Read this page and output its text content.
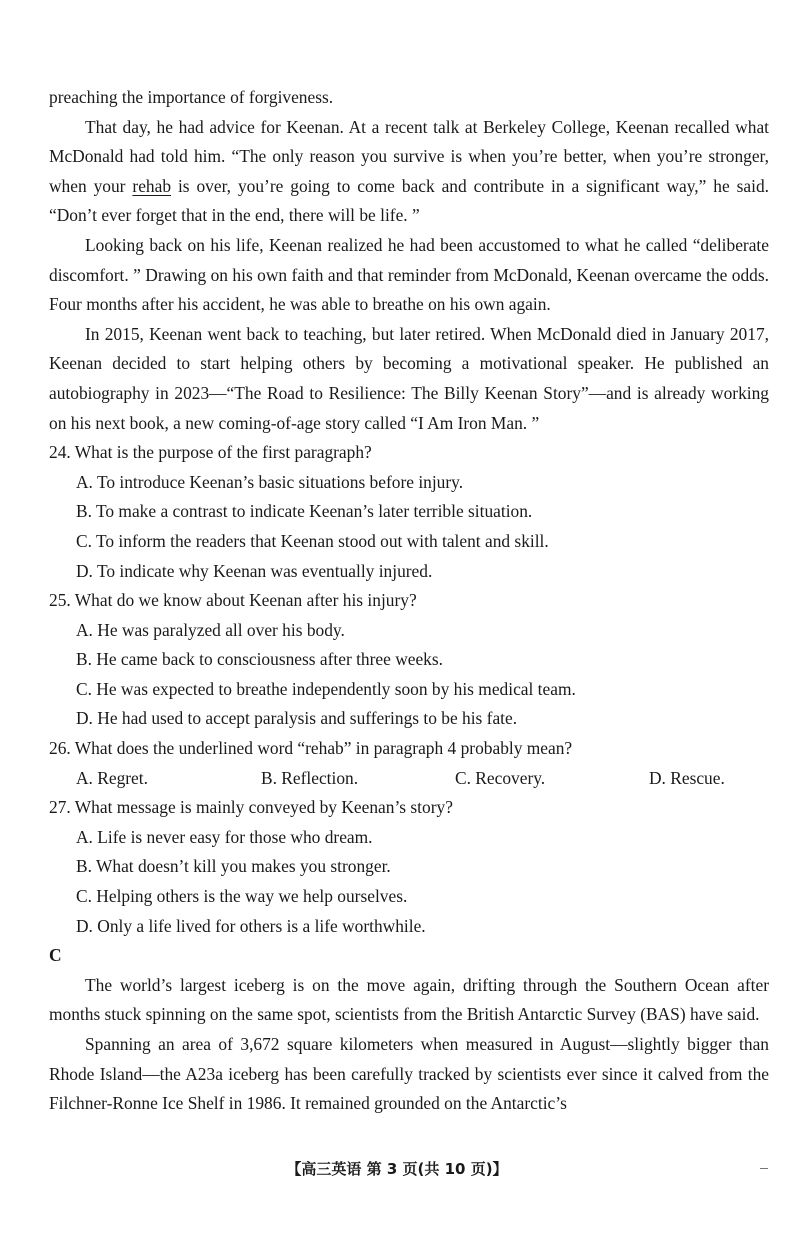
preaching the importance of forgiveness.

That day, he had advice for Keenan. At a recent talk at Berkeley College, Keenan recalled what McDonald had told him. “The only reason you survive is when you’re better, when you’re stronger, when your rehab is over, you’re going to come back and contribute in a significant way,” he said. “Don’t ever forget that in the end, there will be life. ”

Looking back on his life, Keenan realized he had been accustomed to what he called “deliberate discomfort. ” Drawing on his own faith and that reminder from McDonald, Keenan overcame the odds. Four months after his accident, he was able to breathe on his own again.

In 2015, Keenan went back to teaching, but later retired. When McDonald died in January 2017, Keenan decided to start helping others by becoming a motivational speaker. He published an autobiography in 2023—“The Road to Resilience: The Billy Keenan Story”—and is already working on his next book, a new coming-of-age story called “I Am Iron Man. ”

24. What is the purpose of the first paragraph?

A. To introduce Keenan’s basic situations before injury.

B. To make a contrast to indicate Keenan’s later terrible situation.

C. To inform the readers that Keenan stood out with talent and skill.

D. To indicate why Keenan was eventually injured.

25. What do we know about Keenan after his injury?

A. He was paralyzed all over his body.

B. He came back to consciousness after three weeks.

C. He was expected to breathe independently soon by his medical team.

D. He had used to accept paralysis and sufferings to be his fate.

26. What does the underlined word “rehab” in paragraph 4 probably mean?

A. Regret.	B. Reflection.	C. Recovery.	D. Rescue.

27. What message is mainly conveyed by Keenan’s story?

A. Life is never easy for those who dream.

B. What doesn’t kill you makes you stronger.

C. Helping others is the way we help ourselves.

D. Only a life lived for others is a life worthwhile.

C

The world’s largest iceberg is on the move again, drifting through the Southern Ocean after months stuck spinning on the same spot, scientists from the British Antarctic Survey (BAS) have said.

Spanning an area of 3,672 square kilometers when measured in August—slightly bigger than Rhode Island—the A23a iceberg has been carefully tracked by scientists ever since it calved from the Filchner-Ronne Ice Shelf in 1986. It remained grounded on the Antarctic’s

【高三英语 第 3 页(共 10 页)】
